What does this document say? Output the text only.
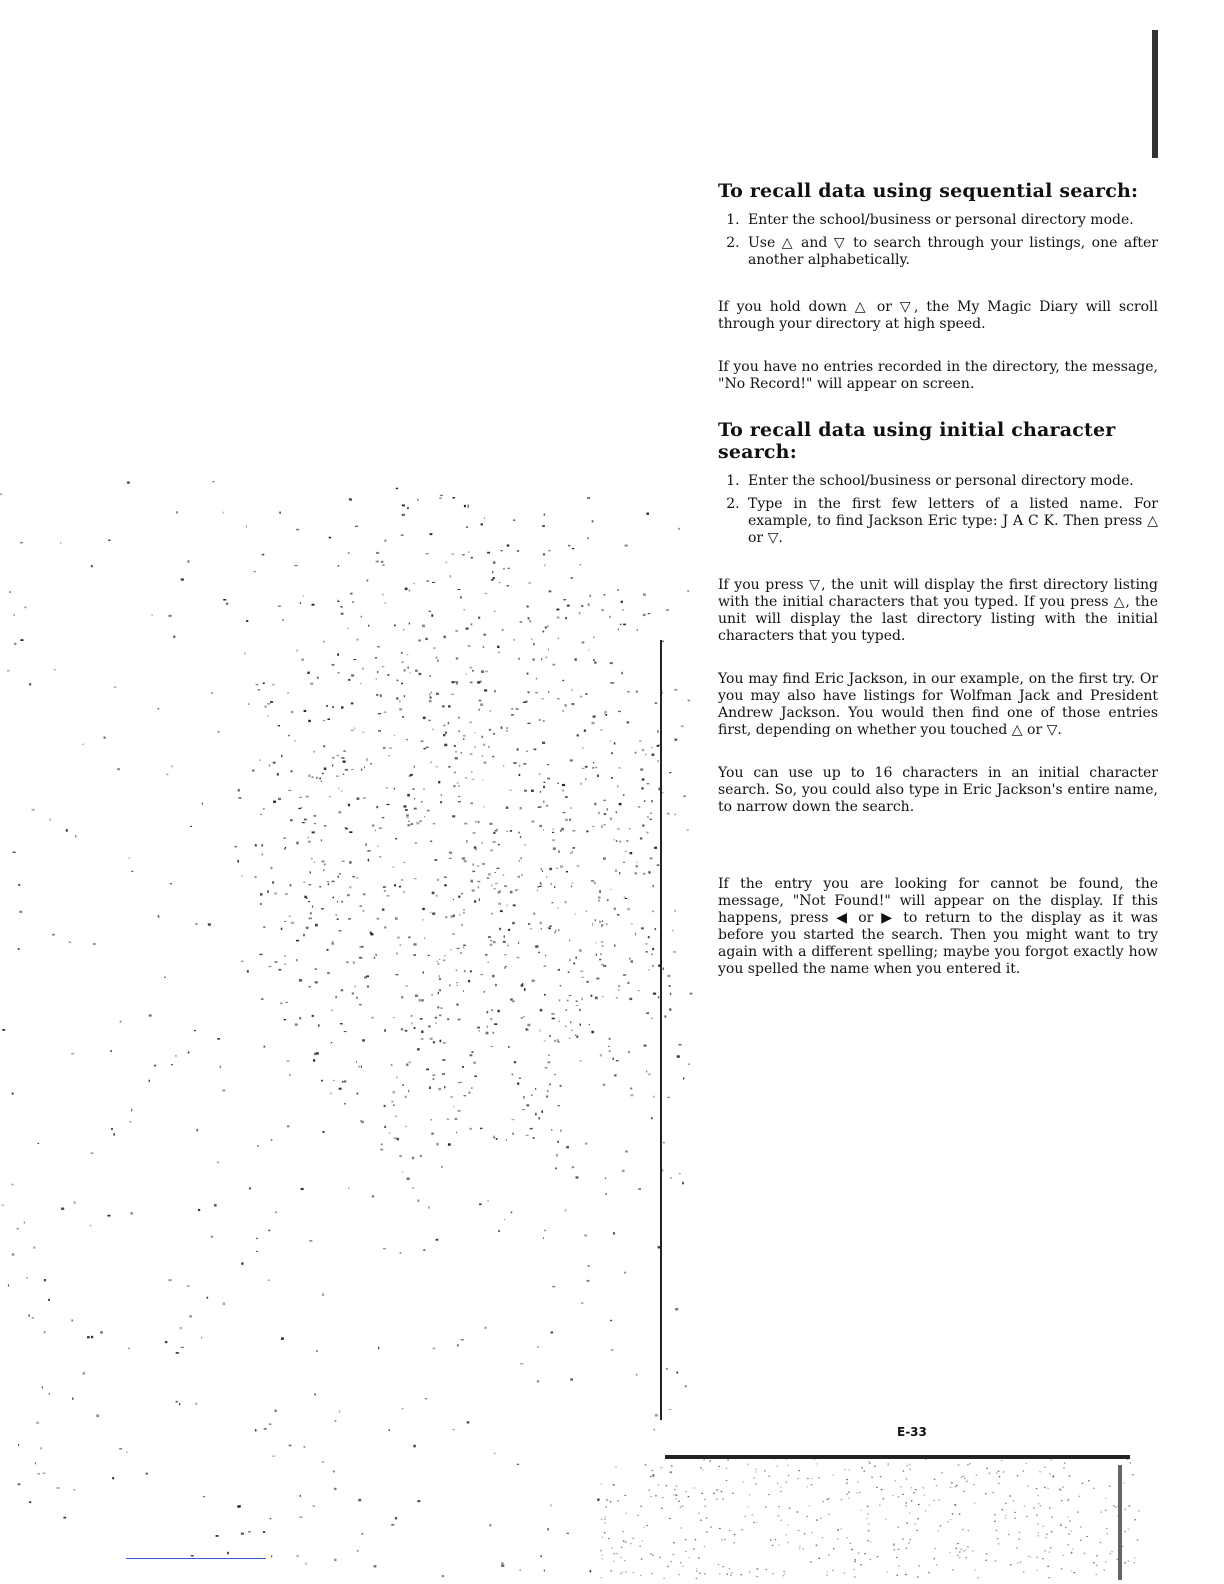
To recall data using sequential search:
1. Enter the school/business or personal directory mode.
2. Use △ and ▽ to search through your listings, one after another alphabetically.

If you hold down △ or ▽, the My Magic Diary will scroll through your directory at high speed.

If you have no entries recorded in the directory, the message, "No Record!" will appear on screen.

To recall data using initial character search:
1. Enter the school/business or personal directory mode.
2. Type in the first few letters of a listed name. For example, to find Jackson Eric type: J A C K. Then press △ or ▽.

If you press ▽, the unit will display the first directory listing with the initial characters that you typed. If you press △, the unit will display the last directory listing with the initial characters that you typed.

You may find Eric Jackson, in our example, on the first try. Or you may also have listings for Wolfman Jack and President Andrew Jackson. You would then find one of those entries first, depending on whether you touched △ or ▽.

You can use up to 16 characters in an initial character search. So, you could also type in Eric Jackson's entire name, to narrow down the search.

If the entry you are looking for cannot be found, the message, "Not Found!" will appear on the display. If this happens, press ◀ or ▶ to return to the display as it was before you started the search. Then you might want to try again with a different spelling; maybe you forgot exactly how you spelled the name when you entered it.

E-33
